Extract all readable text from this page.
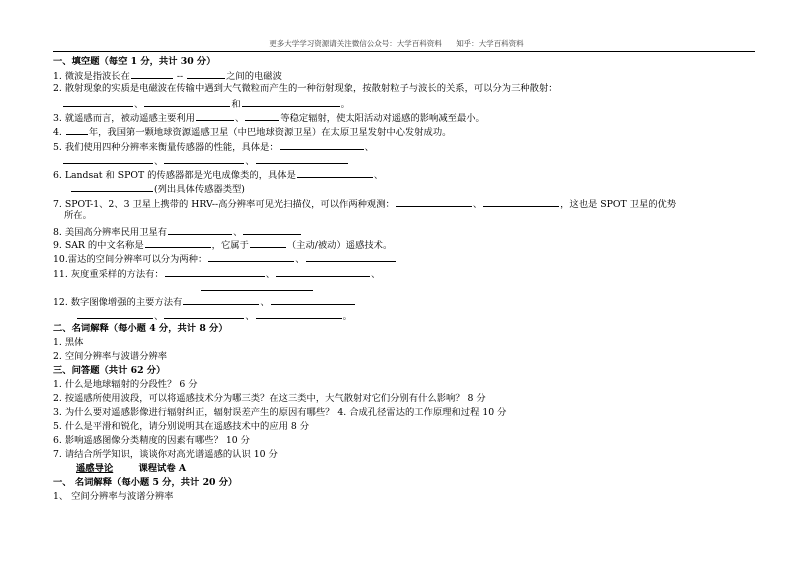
更多大学学习资源请关注微信公众号：大学百科资料 知乎：大学百科资料
一、填空题（每空 1 分，共计 30 分）
1. 微波是指波长在	--	之间的电磁波
2. 散射现象的实质是电磁波在传输中遇到大气微粒而产生的一种衍射现象，按散射粒子与波长的关系，可以分为三种散射：
、	和	。
3. 就遥感而言，被动遥感主要利用	、	等稳定辐射，使太阳活动对遥感的影响减至最小。
4.	年，我国第一颗地球资源遥感卫星（中巴地球资源卫星）在太原卫星发射中心发射成功。
5. 我们使用四种分辨率来衡量传感器的性能，具体是：	、
、	、
6. Landsat 和 SPOT 的传感器都是光电成像类的，具体是	、
(列出具体传感器类型)
7. SPOT-1、2、3 卫星上携带的 HRV--高分辨率可见光扫描仪，可以作两种观测：	、	，这也是 SPOT 卫星的优势
所在。
8. 美国高分辨率民用卫星有	、
9. SAR 的中文名称是	，它属于	（主动/被动）遥感技术。
10.雷达的空间分辨率可以分为两种：	、
11. 灰度重采样的方法有：	、	、
12. 数字图像增强的主要方法有	、
、	、	。
二、名词解释（每小题 4 分，共计 8 分）
1. 黑体
2. 空间分辨率与波谱分辨率
三、问答题（共计 62 分）
1. 什么是地球辐射的分段性？ 6 分
2. 按遥感所使用波段，可以将遥感技术分为哪三类？在这三类中，大气散射对它们分别有什么影响？ 8 分
3. 为什么要对遥感影像进行辐射纠正，辐射误差产生的原因有哪些？ 4. 合成孔径雷达的工作原理和过程 10 分
5. 什么是平滑和锐化，请分别说明其在遥感技术中的应用 8 分
6. 影响遥感图像分类精度的因素有哪些？ 10 分
7. 请结合所学知识，谈谈你对高光谱遥感的认识 10 分
遥感导论	课程试卷 A
一、 名词解释（每小题 5 分，共计 20 分）
1、 空间分辨率与波谱分辨率
